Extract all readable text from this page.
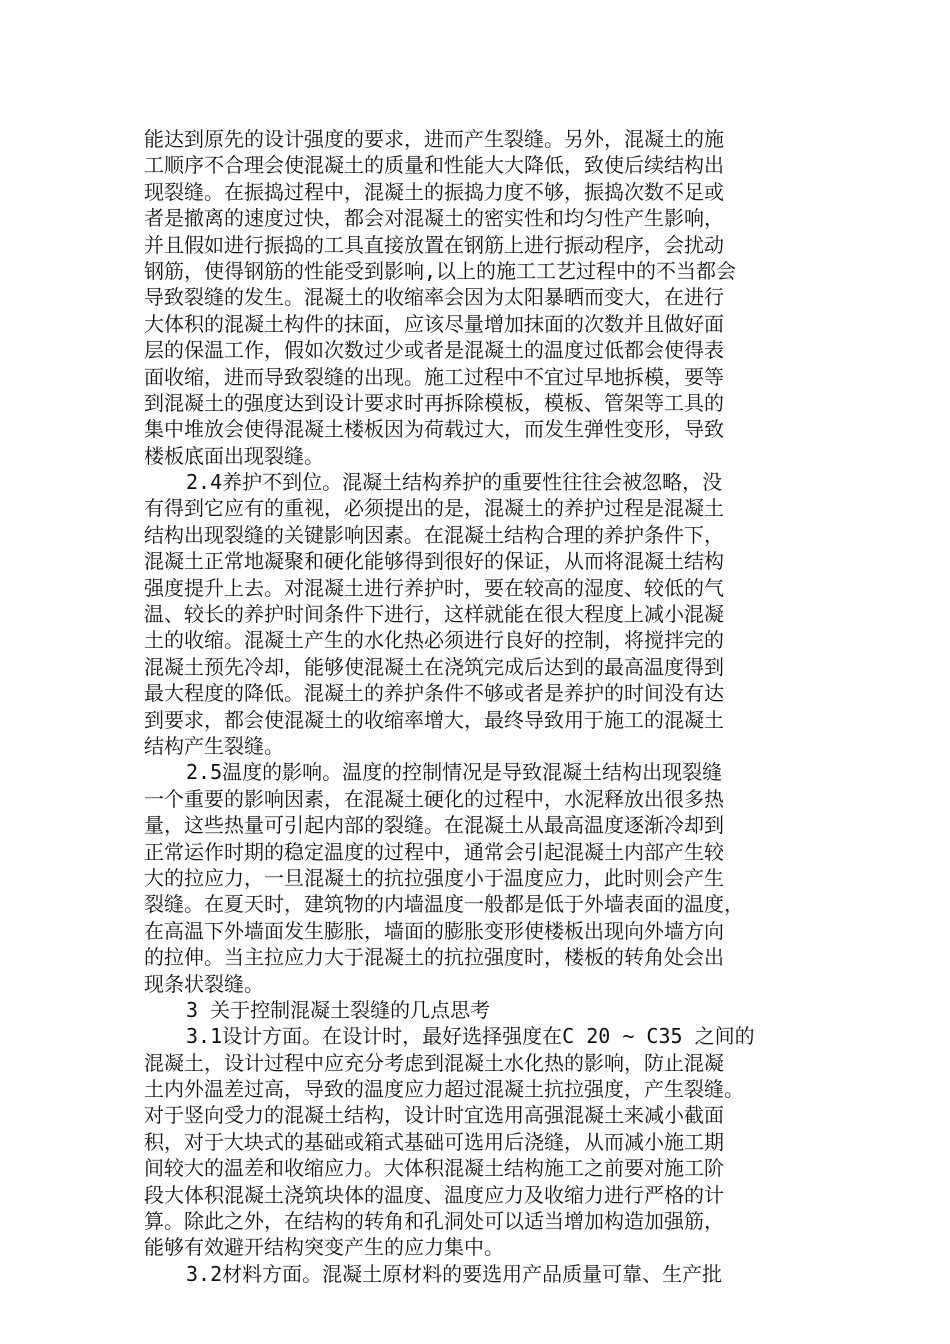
能达到原先的设计强度的要求，进而产生裂缝。另外，混凝土的施
工顺序不合理会使混凝土的质量和性能大大降低，致使后续结构出
现裂缝。在振捣过程中，混凝土的振捣力度不够，振捣次数不足或
者是撤离的速度过快，都会对混凝土的密实性和均匀性产生影响，
并且假如进行振捣的工具直接放置在钢筋上进行振动程序，会扰动
钢筋，使得钢筋的性能受到影响,以上的施工工艺过程中的不当都会
导致裂缝的发生。混凝土的收缩率会因为太阳暴晒而变大，在进行
大体积的混凝土构件的抹面，应该尽量增加抹面的次数并且做好面
层的保温工作，假如次数过少或者是混凝土的温度过低都会使得表
面收缩，进而导致裂缝的出现。施工过程中不宜过早地拆模，要等
到混凝土的强度达到设计要求时再拆除模板，模板、管架等工具的
集中堆放会使得混凝土楼板因为荷载过大，而发生弹性变形，导致
楼板底面出现裂缝。
2.4养护不到位。混凝土结构养护的重要性往往会被忽略，没
有得到它应有的重视，必须提出的是，混凝土的养护过程是混凝土
结构出现裂缝的关键影响因素。在混凝土结构合理的养护条件下，
混凝土正常地凝聚和硬化能够得到很好的保证，从而将混凝土结构
强度提升上去。对混凝土进行养护时，要在较高的湿度、较低的气
温、较长的养护时间条件下进行，这样就能在很大程度上减小混凝
土的收缩。混凝土产生的水化热必须进行良好的控制，将搅拌完的
混凝土预先冷却，能够使混凝土在浇筑完成后达到的最高温度得到
最大程度的降低。混凝土的养护条件不够或者是养护的时间没有达
到要求，都会使混凝土的收缩率增大，最终导致用于施工的混凝土
结构产生裂缝。
2.5温度的影响。温度的控制情况是导致混凝土结构出现裂缝
一个重要的影响因素，在混凝土硬化的过程中，水泥释放出很多热
量，这些热量可引起内部的裂缝。在混凝土从最高温度逐渐冷却到
正常运作时期的稳定温度的过程中，通常会引起混凝土内部产生较
大的拉应力，一旦混凝土的抗拉强度小于温度应力，此时则会产生
裂缝。在夏天时，建筑物的内墙温度一般都是低于外墙表面的温度，
在高温下外墙面发生膨胀，墙面的膨胀变形使楼板出现向外墙方向
的拉伸。当主拉应力大于混凝土的抗拉强度时，楼板的转角处会出
现条状裂缝。
3 关于控制混凝土裂缝的几点思考
3.1设计方面。在设计时，最好选择强度在C 20 ~ C35 之间的
混凝土，设计过程中应充分考虑到混凝土水化热的影响，防止混凝
土内外温差过高，导致的温度应力超过混凝土抗拉强度，产生裂缝。
对于竖向受力的混凝土结构，设计时宜选用高强混凝土来减小截面
积，对于大块式的基础或箱式基础可选用后浇缝，从而减小施工期
间较大的温差和收缩应力。大体积混凝土结构施工之前要对施工阶
段大体积混凝土浇筑块体的温度、温度应力及收缩力进行严格的计
算。除此之外，在结构的转角和孔洞处可以适当增加构造加强筋，
能够有效避开结构突变产生的应力集中。
3.2材料方面。混凝土原材料的要选用产品质量可靠、生产批
